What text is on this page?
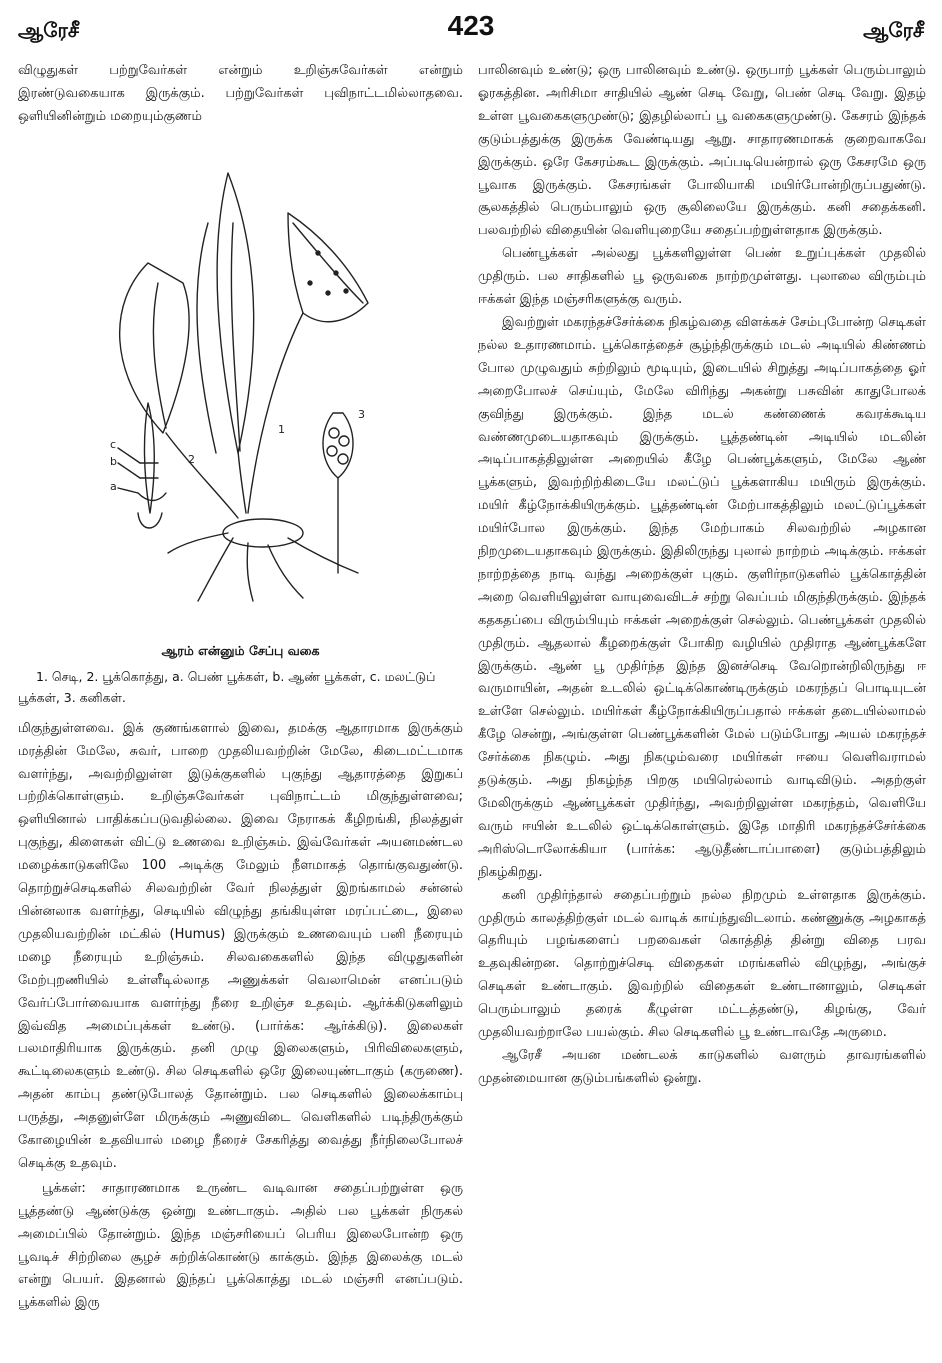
ஆரேசீ	423	ஆரேசீ

விழுதுகள் பற்றுவேர்கள் என்றும் உறிஞ்சுவேர்கள் என்றும் இரண்டுவகையாக இருக்கும். பற்றுவேர்கள் புவிநாட்டமில்லாதவை. ஒளியினின்றும் மறையும்குணம்

c
b
a
2
1
3
ஆரம் என்னும் சேப்பு வகை
1. செடி, 2. பூக்கொத்து, a. பெண் பூக்கள், b. ஆண் பூக்கள், c. மலட்டுப் பூக்கள், 3. கனிகள்.

மிகுந்துள்ளவை. இக் குணங்களால் இவை, தமக்கு ஆதாரமாக இருக்கும் மரத்தின் மேலே, சுவர், பாறை முதலியவற்றின் மேலே, கிடைமட்டமாக வளர்ந்து, அவற்றிலுள்ள இடுக்குகளில் புகுந்து ஆதாரத்தை இறுகப் பற்றிக்கொள்ளும். உறிஞ்சுவேர்கள் புவிநாட்டம் மிகுந்துள்ளவை; ஒளியினால் பாதிக்கப்படுவதில்லை. இவை நேராகக் கீழிறங்கி, நிலத்துள் புகுந்து, கிளைகள் விட்டு உணவை உறிஞ்சும். இவ்வேர்கள் அயனமண்டல மழைக்காடுகளிலே 100 அடிக்கு மேலும் நீளமாகத் தொங்குவதுண்டு. தொற்றுச்செடிகளில் சிலவற்றின் வேர் நிலத்துள் இறங்காமல் சன்னல் பின்னலாக வளர்ந்து, செடியில் விழுந்து தங்கியுள்ள மரப்பட்டை, இலை முதலியவற்றின் மட்கில் (Humus) இருக்கும் உணவையும் பனி நீரையும் மழை நீரையும் உறிஞ்சும். சிலவகைகளில் இந்த விழுதுகளின் மேற்புறணியில் உள்ளீடில்லாத அணுக்கள் வெலாமென் எனப்படும் வேர்ப்போர்வையாக வளர்ந்து நீரை உறிஞ்ச உதவும். ஆர்க்கிடுகளிலும் இவ்வித அமைப்புக்கள் உண்டு. (பார்க்க: ஆர்க்கிடு). இலைகள் பலமாதிரியாக இருக்கும். தனி முழு இலைகளும், பிரிவிலைகளும், கூட்டிலைகளும் உண்டு. சில செடிகளில் ஒரே இலையுண்டாகும் (கருணை). அதன் காம்பு தண்டுபோலத் தோன்றும். பல செடிகளில் இலைக்காம்பு பருத்து, அதனுள்ளே மிருக்கும் அணுவிடை வெளிகளில் படிந்திருக்கும் கோழையின் உதவியால் மழை நீரைச் சேகரித்து வைத்து நீர்நிலைபோலச் செடிக்கு உதவும்.

பூக்கள்: சாதாரணமாக உருண்ட வடிவான சதைப்பற்றுள்ள ஒரு பூத்தண்டு ஆண்டுக்கு ஒன்று உண்டாகும். அதில் பல பூக்கள் நிருகல் அமைப்பில் தோன்றும். இந்த மஞ்சரியைப் பெரிய இலைபோன்ற ஒரு பூவடிச் சிற்றிலை சூழச் சுற்றிக்கொண்டு காக்கும். இந்த இலைக்கு மடல் என்று பெயர். இதனால் இந்தப் பூக்கொத்து மடல் மஞ்சரி எனப்படும். பூக்களில் இரு

பாலினவும் உண்டு; ஒரு பாலினவும் உண்டு. ஒருபாற் பூக்கள் பெரும்பாலும் ஓரகத்தின. அரிசிமா சாதியில் ஆண் செடி வேறு, பெண் செடி வேறு. இதழ் உள்ள பூவகைகளுமுண்டு; இதழில்லாப் பூ வகைகளுமுண்டு. கேசரம் இந்தக் குடும்பத்துக்கு இருக்க வேண்டியது ஆறு. சாதாரணமாகக் குறைவாகவே இருக்கும். ஒரே கேசரம்கூட இருக்கும். அப்படியென்றால் ஒரு கேசரமே ஒரு பூவாக இருக்கும். கேசரங்கள் போலியாகி மயிர்போன்றிருப்பதுண்டு. சூலகத்தில் பெரும்பாலும் ஒரு சூலிலையே இருக்கும். கனி சதைக்கனி. பலவற்றில் விதையின் வெளியுறையே சதைப்பற்றுள்ளதாக இருக்கும்.

பெண்பூக்கள் அல்லது பூக்களிலுள்ள பெண் உறுப்புக்கள் முதலில் முதிரும். பல சாதிகளில் பூ ஒருவகை நாற்றமுள்ளது. புலாலை விரும்பும் ஈக்கள் இந்த மஞ்சரிகளுக்கு வரும்.

இவற்றுள் மகரந்தச்சேர்க்கை நிகழ்வதை விளக்கச் சேம்புபோன்ற செடிகள் நல்ல உதாரணமாம். பூக்கொத்தைச் சூழ்ந்திருக்கும் மடல் அடியில் கிண்ணம் போல முழுவதும் சுற்றிலும் மூடியும், இடையில் சிறுத்து அடிப்பாகத்தை ஓர் அறைபோலச் செய்யும், மேலே விரிந்து அகன்று பசுவின் காதுபோலக் குவிந்து இருக்கும். இந்த மடல் கண்ணைக் கவரக்கூடிய வண்ணமுடையதாகவும் இருக்கும். பூத்தண்டின் அடியில் மடலின் அடிப்பாகத்திலுள்ள அறையில் கீழே பெண்பூக்களும், மேலே ஆண் பூக்களும், இவற்றிற்கிடையே மலட்டுப் பூக்களாகிய மயிரும் இருக்கும். மயிர் கீழ்நோக்கியிருக்கும். பூத்தண்டின் மேற்பாகத்திலும் மலட்டுப்பூக்கள் மயிர்போல இருக்கும். இந்த மேற்பாகம் சிலவற்றில் அழகான நிறமுடையதாகவும் இருக்கும். இதிலிருந்து புலால் நாற்றம் அடிக்கும். ஈக்கள் நாற்றத்தை நாடி வந்து அறைக்குள் புகும். குளிர்நாடுகளில் பூக்கொத்தின் அறை வெளியிலுள்ள வாயுவைவிடச் சற்று வெப்பம் மிகுந்திருக்கும். இந்தக் கதகதப்பை விரும்பியும் ஈக்கள் அறைக்குள் செல்லும். பெண்பூக்கள் முதலில் முதிரும். ஆதலால் கீழறைக்குள் போகிற வழியில் முதிராத ஆண்பூக்களே இருக்கும். ஆண் பூ முதிர்ந்த இந்த இனச்செடி வேறொன்றிலிருந்து ஈ வருமாயின், அதன் உடலில் ஒட்டிக்கொண்டிருக்கும் மகரந்தப் பொடியுடன் உள்ளே செல்லும். மயிர்கள் கீழ்நோக்கியிருப்பதால் ஈக்கள் தடையில்லாமல் கீழே சென்று, அங்குள்ள பெண்பூக்களின் மேல் படும்போது அயல் மகரந்தச் சேர்க்கை நிகழும். அது நிகழும்வரை மயிர்கள் ஈயை வெளிவராமல் தடுக்கும். அது நிகழ்ந்த பிறகு மயிரெல்லாம் வாடிவிடும். அதற்குள் மேலிருக்கும் ஆண்பூக்கள் முதிர்ந்து, அவற்றிலுள்ள மகரந்தம், வெளியே வரும் ஈயின் உடலில் ஒட்டிக்கொள்ளும். இதே மாதிரி மகரந்தச்சேர்க்கை அரிஸ்டொலோக்கியா (பார்க்க: ஆடுதீண்டாப்பாளை) குடும்பத்திலும் நிகழ்கிறது.

கனி முதிர்ந்தால் சதைப்பற்றும் நல்ல நிறமும் உள்ளதாக இருக்கும். முதிரும் காலத்திற்குள் மடல் வாடிக் காய்ந்துவிடலாம். கண்ணுக்கு அழகாகத் தெரியும் பழங்களைப் பறவைகள் கொத்தித் தின்று விதை பரவ உதவுகின்றன. தொற்றுச்செடி விதைகள் மரங்களில் விழுந்து, அங்குச் செடிகள் உண்டாகும். இவற்றில் விதைகள் உண்டானாலும், செடிகள் பெரும்பாலும் தரைக் கீழுள்ள மட்டத்தண்டு, கிழங்கு, வேர் முதலியவற்றாலே பயல்கும். சில செடிகளில் பூ உண்டாவதே அருமை.

ஆரேசீ அயன மண்டலக் காடுகளில் வளரும் தாவரங்களில் முதன்மையான குடும்பங்களில் ஒன்று.
